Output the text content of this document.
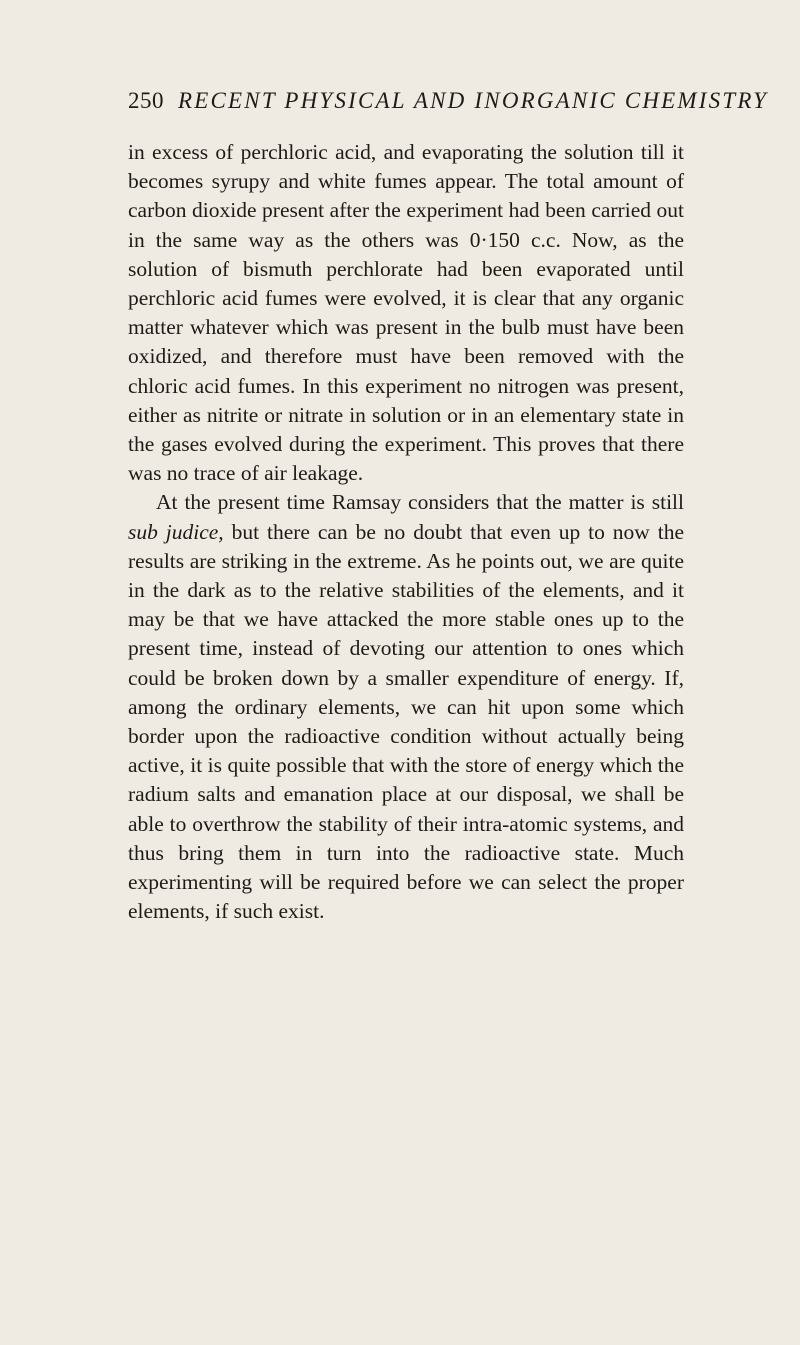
250 RECENT PHYSICAL AND INORGANIC CHEMISTRY

in excess of perchloric acid, and evaporating the solution till it becomes syrupy and white fumes appear. The total amount of carbon dioxide present after the experiment had been carried out in the same way as the others was 0·150 c.c. Now, as the solution of bismuth perchlorate had been evaporated until perchloric acid fumes were evolved, it is clear that any organic matter whatever which was present in the bulb must have been oxidized, and therefore must have been removed with the chloric acid fumes. In this experiment no nitrogen was present, either as nitrite or nitrate in solution or in an elementary state in the gases evolved during the experiment. This proves that there was no trace of air leakage.

At the present time Ramsay considers that the matter is still sub judice, but there can be no doubt that even up to now the results are striking in the extreme. As he points out, we are quite in the dark as to the relative stabilities of the elements, and it may be that we have attacked the more stable ones up to the present time, instead of devoting our attention to ones which could be broken down by a smaller expenditure of energy. If, among the ordinary elements, we can hit upon some which border upon the radioactive condition without actually being active, it is quite possible that with the store of energy which the radium salts and emanation place at our disposal, we shall be able to overthrow the stability of their intra-atomic systems, and thus bring them in turn into the radioactive state. Much experimenting will be required before we can select the proper elements, if such exist.
